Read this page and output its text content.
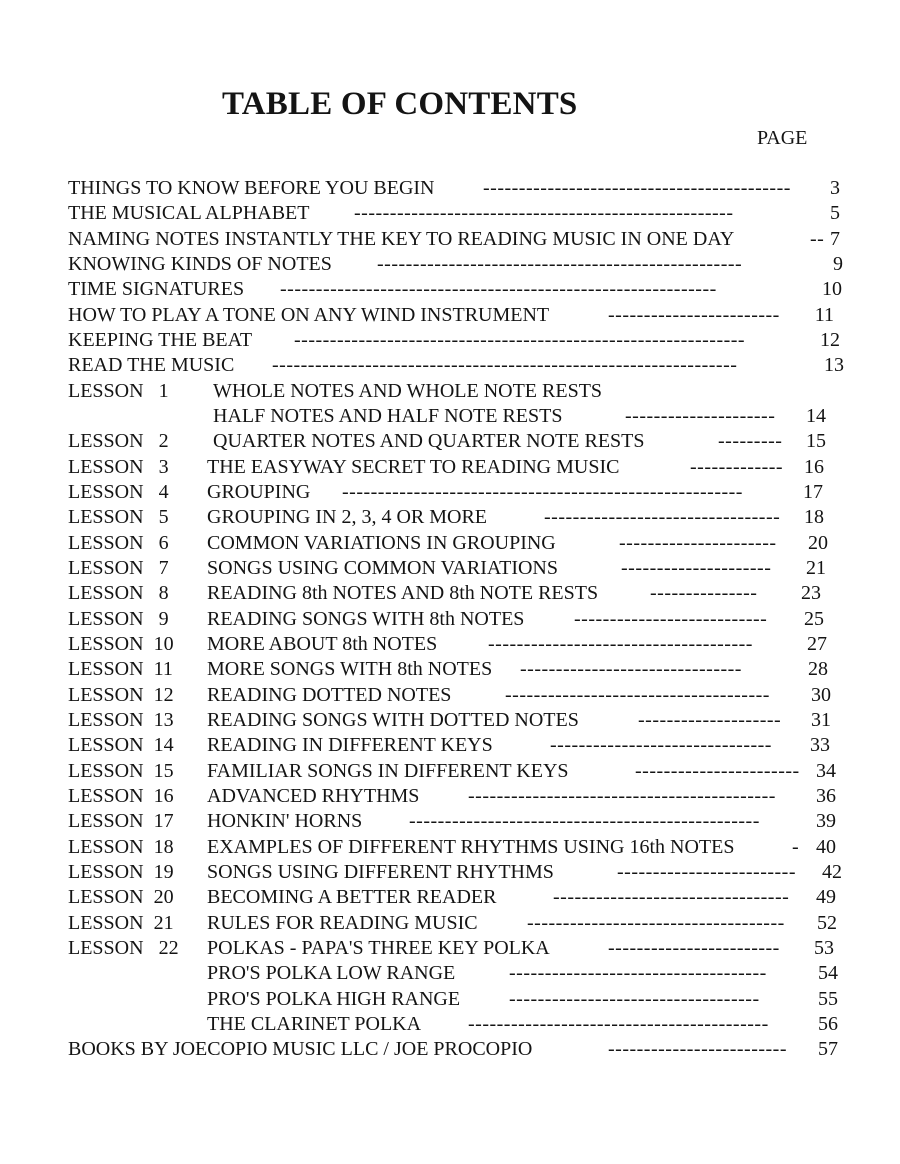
TABLE OF CONTENTS
PAGE
THINGS TO KNOW BEFORE YOU BEGIN ------------------------------------------- 3
THE MUSICAL ALPHABET -----------------------------------------------------	5
NAMING NOTES INSTANTLY THE KEY TO READING MUSIC IN ONE DAY	-- 7
KNOWING KINDS OF NOTES ---------------------------------------------------	9
TIME SIGNATURES -------------------------------------------------------------	10
HOW TO PLAY A TONE ON ANY WIND INSTRUMENT	------------------------ 11
KEEPING THE BEAT ---------------------------------------------------------------	12
READ THE MUSIC -----------------------------------------------------------------	13
LESSON   1 WHOLE NOTES AND WHOLE NOTE RESTS
HALF NOTES AND HALF NOTE RESTS	--------------------- 14
LESSON   2 QUARTER NOTES AND QUARTER NOTE RESTS	--------- 15
LESSON   3 THE EASYWAY SECRET TO READING MUSIC	------------- 16
LESSON   4 GROUPING --------------------------------------------------------	17
LESSON   5 GROUPING IN 2, 3, 4 OR MORE	--------------------------------- 18
LESSON   6 COMMON VARIATIONS IN GROUPING	---------------------- 20
LESSON   7 SONGS USING COMMON VARIATIONS	--------------------- 21
LESSON   8 READING 8th NOTES AND 8th NOTE RESTS	--------------- 23
LESSON   9 READING SONGS WITH 8th NOTES --------------------------- 25
LESSON  10 MORE ABOUT 8th NOTES	-------------------------------------	27
LESSON  11 MORE SONGS WITH 8th NOTES -------------------------------	28
LESSON  12 READING DOTTED NOTES	------------------------------------- 30
LESSON  13 READING SONGS WITH DOTTED NOTES	-------------------- 31
LESSON  14 READING IN DIFFERENT KEYS	------------------------------- 33
LESSON  15 FAMILIAR SONGS IN DIFFERENT KEYS	----------------------- 34
LESSON  16 ADVANCED RHYTHMS ------------------------------------------- 36
LESSON  17 HONKIN' HORNS -------------------------------------------------	39
LESSON  18 EXAMPLES OF DIFFERENT RHYTHMS USING 16th NOTES	- 40
LESSON  19 SONGS USING DIFFERENT RHYTHMS	------------------------- 42
LESSON  20 BECOMING A BETTER READER	--------------------------------- 49
LESSON  21 RULES FOR READING MUSIC ------------------------------------ 52
LESSON   22 POLKAS - PAPA'S THREE KEY POLKA	------------------------ 53
PRO'S POLKA LOW RANGE	------------------------------------	54
PRO'S POLKA HIGH RANGE -----------------------------------	55
THE CLARINET POLKA ------------------------------------------ 56
BOOKS BY JOECOPIO MUSIC LLC / JOE PROCOPIO	------------------------- 57
